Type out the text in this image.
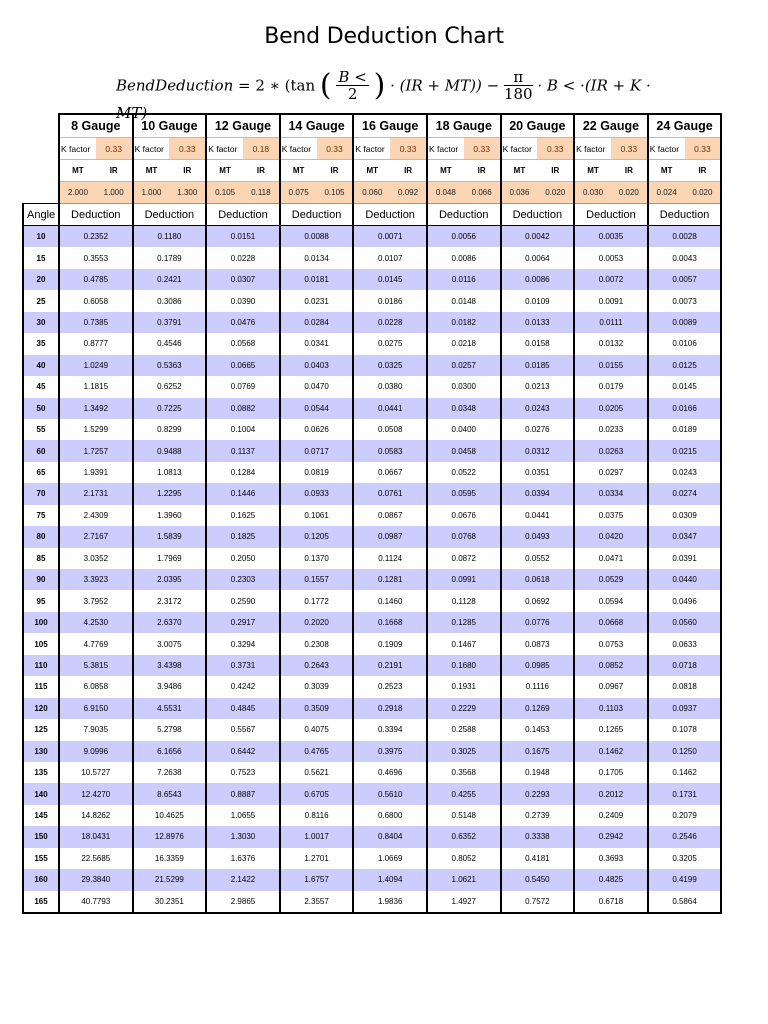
Bend Deduction Chart
BendDeduction = 2 ∗ (tan ( $\frac{B <}{2}$ ) · $(IR + MT)) - \frac{\pi}{180} \cdot B < \cdot(IR + K \cdot MT)$
	8 Gauge		10 Gauge		12 Gauge		14 Gauge		16 Gauge		18 Gauge		20 Gauge		22 Gauge		24 Gauge	
	K factor	0.33	K factor	0.33	K factor	0.18	K factor	0.33	K factor	0.33	K factor	0.33	K factor	0.33	K factor	0.33	K factor	0.33
	MT	IR	MT	IR	MT	IR	MT	IR	MT	IR	MT	IR	MT	IR	MT	IR	MT	IR
	2.000	1.000	1.000	1.300	0.105	0.118	0.075	0.105	0.060	0.092	0.048	0.066	0.036	0.020	0.030	0.020	0.024	0.020
Angle	Deduction		Deduction		Deduction		Deduction		Deduction		Deduction		Deduction		Deduction		Deduction	
10	0.2352		0.1180		0.0151		0.0088		0.0071		0.0056		0.0042		0.0035		0.0028	
15	0.3553		0.1789		0.0228		0.0134		0.0107		0.0086		0.0064		0.0053		0.0043	
20	0.4785		0.2421		0.0307		0.0181		0.0145		0.0116		0.0086		0.0072		0.0057	
25	0.6058		0.3086		0.0390		0.0231		0.0186		0.0148		0.0109		0.0091		0.0073	
30	0.7385		0.3791		0.0476		0.0284		0.0228		0.0182		0.0133		0.0111		0.0089	
35	0.8777		0.4546		0.0568		0.0341		0.0275		0.0218		0.0158		0.0132		0.0106	
40	1.0249		0.5363		0.0665		0.0403		0.0325		0.0257		0.0185		0.0155		0.0125	
45	1.1815		0.6252		0.0769		0.0470		0.0380		0.0300		0.0213		0.0179		0.0145	
50	1.3492		0.7225		0.0882		0.0544		0.0441		0.0348		0.0243		0.0205		0.0166	
55	1.5299		0.8299		0.1004		0.0626		0.0508		0.0400		0.0276		0.0233		0.0189	
60	1.7257		0.9488		0.1137		0.0717		0.0583		0.0458		0.0312		0.0263		0.0215	
65	1.9391		1.0813		0.1284		0.0819		0.0667		0.0522		0.0351		0.0297		0.0243	
70	2.1731		1.2295		0.1446		0.0933		0.0761		0.0595		0.0394		0.0334		0.0274	
75	2.4309		1.3960		0.1625		0.1061		0.0867		0.0676		0.0441		0.0375		0.0309	
80	2.7167		1.5839		0.1825		0.1205		0.0987		0.0768		0.0493		0.0420		0.0347	
85	3.0352		1.7969		0.2050		0.1370		0.1124		0.0872		0.0552		0.0471		0.0391	
90	3.3923		2.0395		0.2303		0.1557		0.1281		0.0991		0.0618		0.0529		0.0440	
95	3.7952		2.3172		0.2590		0.1772		0.1460		0.1128		0.0692		0.0594		0.0496	
100	4.2530		2.6370		0.2917		0.2020		0.1668		0.1285		0.0776		0.0668		0.0560	
105	4.7769		3.0075		0.3294		0.2308		0.1909		0.1467		0.0873		0.0753		0.0633	
110	5.3815		3.4398		0.3731		0.2643		0.2191		0.1680		0.0985		0.0852		0.0718	
115	6.0858		3.9486		0.4242		0.3039		0.2523		0.1931		0.1116		0.0967		0.0818	
120	6.9150		4.5531		0.4845		0.3509		0.2918		0.2229		0.1269		0.1103		0.0937	
125	7.9035		5.2798		0.5567		0.4075		0.3394		0.2588		0.1453		0.1265		0.1078	
130	9.0996		6.1656		0.6442		0.4765		0.3975		0.3025		0.1675		0.1462		0.1250	
135	10.5727		7.2638		0.7523		0.5621		0.4696		0.3568		0.1948		0.1705		0.1462	
140	12.4270		8.6543		0.8887		0.6705		0.5610		0.4255		0.2293		0.2012		0.1731	
145	14.8262		10.4625		1.0655		0.8116		0.6800		0.5148		0.2739		0.2409		0.2079	
150	18.0431		12.8976		1.3030		1.0017		0.8404		0.6352		0.3338		0.2942		0.2546	
155	22.5685		16.3359		1.6376		1.2701		1.0669		0.8052		0.4181		0.3693		0.3205	
160	29.3840		21.5299		2.1422		1.6757		1.4094		1.0621		0.5450		0.4825		0.4199	
165	40.7793		30.2351		2.9865		2.3557		1.9836		1.4927		0.7572		0.6718		0.5864	
